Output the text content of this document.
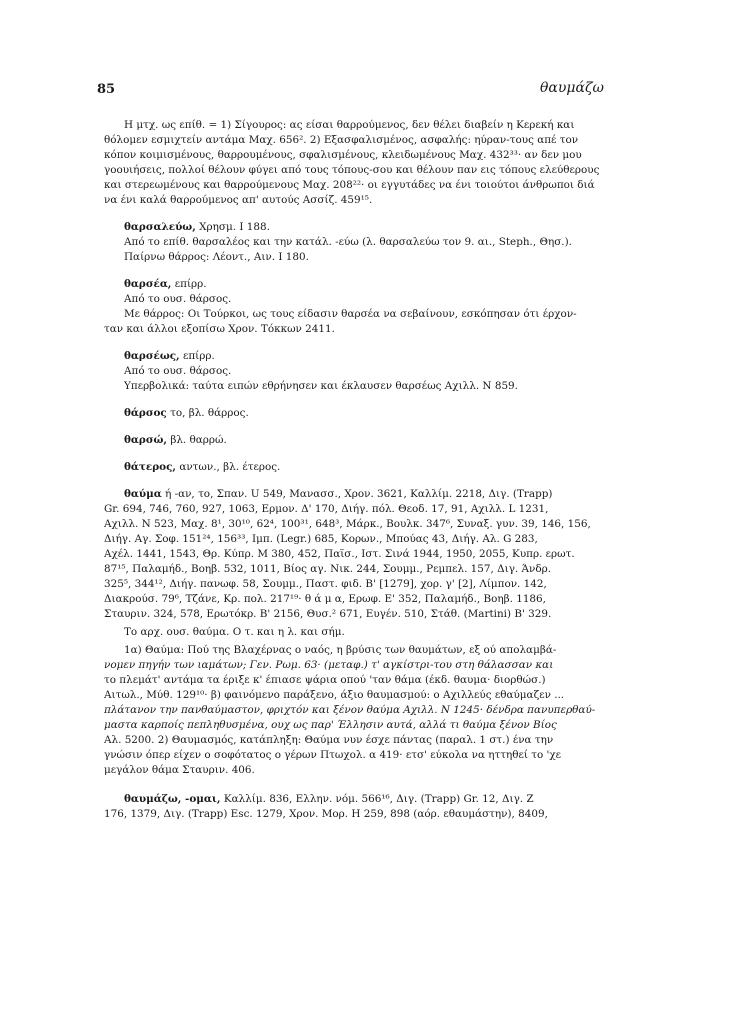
85	θαυμάζω

Η μτχ. ως επίθ. = 1) Σίγουρος: ας είσαι θαρρούμενος, δεν θέλει διαβείν η Κερεκή και

θόλομεν εσμιχτείν αντάμα Μαχ. 656². 2) Εξασφαλισμένος, ασφαλής: ηύραν-τους απέ τον

κόπον κοιμισμένους, θαρρουμένους, σφαλισμένους, κλειδωμένους Μαχ. 432³³· αν δεν μου

γοουιήσεις, πολλοί θέλουν φύγει από τους τόπους-σου και θέλουν παν εις τόπους ελεύθερους

και στερεωμένους και θαρρούμενους Μαχ. 208²²· οι εγγυτάδες να ένι τοιούτοι άνθρωποι διά

να ένι καλά θαρρούμενος απ' αυτούς Ασσίζ. 459¹⁵.

θαρσαλεύω, Χρησμ. I 188.

Από το επίθ. θαρσαλέος και την κατάλ. -εύω (λ. θαρσαλεύω τον 9. αι., Steph., Θησ.).

Παίρνω θάρρος: Λέοντ., Αιν. I 180.

θαρσέα, επίρρ.

Από το ουσ. θάρσος.

Με θάρρος: Οι Τούρκοι, ως τους είδασιν θαρσέα να σεβαίνουν, εσκόπησαν ότι έρχον-

ταν και άλλοι εξοπίσω Χρον. Τόκκων 2411.

θαρσέως, επίρρ.

Από το ουσ. θάρσος.

Υπερβολικά: ταύτα ειπών εθρήνησεν και έκλαυσεν θαρσέως Αχιλλ. Ν 859.

θάρσος το, βλ. θάρρος.

θαρσώ, βλ. θαρρώ.

θάτερος, αντων., βλ. έτερος.

θαύμα ή -αν, το, Σπαν. U 549, Μανασσ., Χρον. 3621, Καλλίμ. 2218, Διγ. (Trapp)

Gr. 694, 746, 760, 927, 1063, Ερμον. Δ' 170, Διήγ. πόλ. Θεοδ. 17, 91, Αχιλλ. L 1231,

Αχιλλ. Ν 523, Μαχ. 8¹, 30¹⁰, 62⁴, 100³¹, 648³, Μάρκ., Βουλκ. 347⁶, Συναξ. γυν. 39, 146, 156,

Διήγ. Αγ. Σοφ. 151²⁴, 156³³, Ιμπ. (Legr.) 685, Κορων., Μπούας 43, Διήγ. Αλ. G 283,

Αχέλ. 1441, 1543, Θρ. Κύπρ. Μ 380, 452, Παϊσ., Ιστ. Σινά 1944, 1950, 2055, Κυπρ. ερωτ.

87¹⁵, Παλαμήδ., Βοηβ. 532, 1011, Βίος αγ. Νικ. 244, Σουμμ., Ρεμπελ. 157, Διγ. Άνδρ.

325⁵, 344¹², Διήγ. πανωφ. 58, Σουμμ., Παστ. φιδ. Β' [1279], χορ. γ' [2], Λίμπον. 142,

Διακρούσ. 79⁶, Τζάνε, Κρ. πολ. 217¹⁹· θ ά μ α, Ερωφ. Ε' 352, Παλαμήδ., Βοηβ. 1186,

Σταυριν. 324, 578, Ερωτόκρ. Β' 2156, Θυσ.² 671, Ευγέν. 510, Στάθ. (Martini) Β' 329.

Το αρχ. ουσ. θαύμα. Ο τ. και η λ. και σήμ.

1α) Θαύμα: Πού της Βλαχέρνας ο ναός, η βρύσις των θαυμάτων, εξ ού απολαμβά-

νομεν πηγήν των ιαμάτων; Γεν. Ρωμ. 63· (μεταφ.) τ' αγκίστρι-του στη θάλασσαν και

το πλεμάτ' αντάμα τα έριξε κ' έπιασε ψάρια οπού 'ταν θάμα (έκδ. θαυμα· διορθώσ.)

Αιτωλ., Μύθ. 129¹⁰· β) φαινόμενο παράξενο, άξιο θαυμασμού: ο Αχιλλεύς εθαύμαζεν ...

πλάτανον την πανθαύμαστον, φριχτόν και ξένον θαύμα Αχιλλ. Ν 1245· δένδρα πανυπερθαύ-

μαστα καρποίς πεπληθυσμένα, ουχ ως παρ' Έλλησιν αυτά, αλλά τι θαύμα ξένον Βίος

Αλ. 5200. 2) Θαυμασμός, κατάπληξη: Θαύμα νυν έσχε πάντας (παραλ. 1 στ.) ένα την

γνώσιν όπερ είχεν ο σοφότατος ο γέρων Πτωχολ. α 419· ετσ' εύκολα να ηττηθεί το 'χε

μεγάλον θάμα Σταυριν. 406.

θαυμάζω, -ομαι, Καλλίμ. 836, Ελλην. νόμ. 566¹⁶, Διγ. (Trapp) Gr. 12, Διγ. Ζ

176, 1379, Διγ. (Trapp) Esc. 1279, Χρον. Μορ. Η 259, 898 (αόρ. εθαυμάστην), 8409,
